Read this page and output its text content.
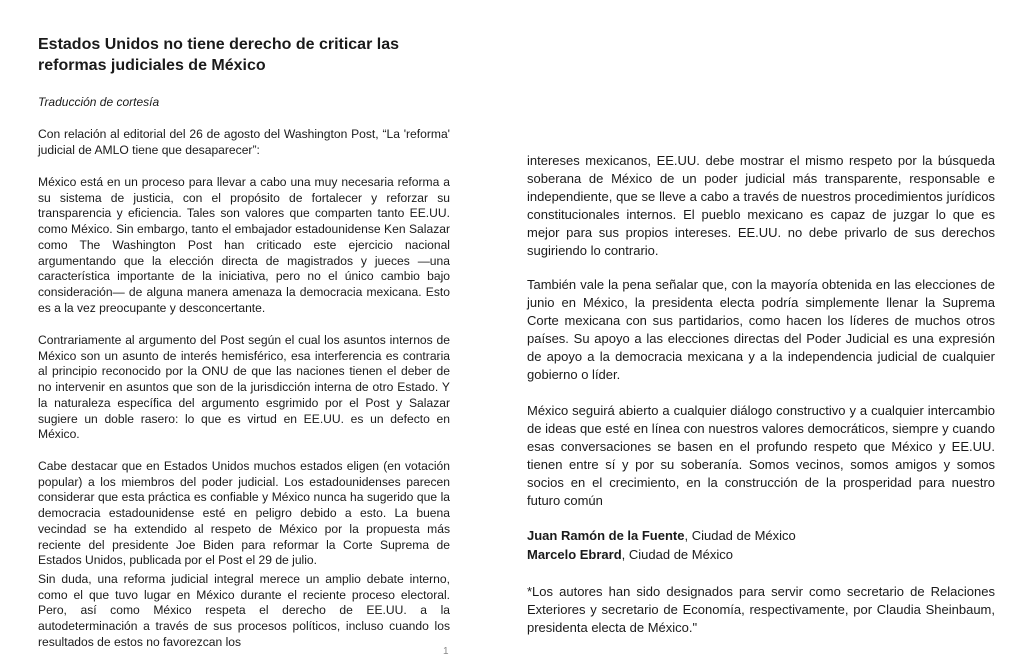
Estados Unidos no tiene derecho de criticar las reformas judiciales de México

Traducción de cortesía

Con relación al editorial del 26 de agosto del Washington Post, “La 'reforma' judicial de AMLO tiene que desaparecer”:

México está en un proceso para llevar a cabo una muy necesaria reforma a su sistema de justicia, con el propósito de fortalecer y reforzar su transparencia y eficiencia. Tales son valores que comparten tanto EE.UU. como México. Sin embargo, tanto el embajador estadounidense Ken Salazar como The Washington Post han criticado este ejercicio nacional argumentando que la elección directa de magistrados y jueces —una característica importante de la iniciativa, pero no el único cambio bajo consideración— de alguna manera amenaza la democracia mexicana. Esto es a la vez preocupante y desconcertante.

Contrariamente al argumento del Post según el cual los asuntos internos de México son un asunto de interés hemisférico, esa interferencia es contraria al principio reconocido por la ONU de que las naciones tienen el deber de no intervenir en asuntos que son de la jurisdicción interna de otro Estado. Y la naturaleza específica del argumento esgrimido por el Post y Salazar sugiere un doble rasero: lo que es virtud en EE.UU. es un defecto en México.

Cabe destacar que en Estados Unidos muchos estados eligen (en votación popular) a los miembros del poder judicial. Los estadounidenses parecen considerar que esta práctica es confiable y México nunca ha sugerido que la democracia estadounidense esté en peligro debido a esto. La buena vecindad se ha extendido al respeto de México por la propuesta más reciente del presidente Joe Biden para reformar la Corte Suprema de Estados Unidos, publicada por el Post el 29 de julio.

Sin duda, una reforma judicial integral merece un amplio debate interno, como el que tuvo lugar en México durante el reciente proceso electoral. Pero, así como México respeta el derecho de EE.UU. a la autodeterminación a través de sus procesos políticos, incluso cuando los resultados de estos no favorezcan los

1

intereses mexicanos, EE.UU. debe mostrar el mismo respeto por la búsqueda soberana de México de un poder judicial más transparente, responsable e independiente, que se lleve a cabo a través de nuestros procedimientos jurídicos constitucionales internos. El pueblo mexicano es capaz de juzgar lo que es mejor para sus propios intereses. EE.UU. no debe privarlo de sus derechos sugiriendo lo contrario.

También vale la pena señalar que, con la mayoría obtenida en las elecciones de junio en México, la presidenta electa podría simplemente llenar la Suprema Corte mexicana con sus partidarios, como hacen los líderes de muchos otros países. Su apoyo a las elecciones directas del Poder Judicial es una expresión de apoyo a la democracia mexicana y a la independencia judicial de cualquier gobierno o líder.

México seguirá abierto a cualquier diálogo constructivo y a cualquier intercambio de ideas que esté en línea con nuestros valores democráticos, siempre y cuando esas conversaciones se basen en el profundo respeto que México y EE.UU. tienen entre sí y por su soberanía. Somos vecinos, somos amigos y somos socios en el crecimiento, en la construcción de la prosperidad para nuestro futuro común

Juan Ramón de la Fuente, Ciudad de México

Marcelo Ebrard, Ciudad de México

*Los autores han sido designados para servir como secretario de Relaciones Exteriores y secretario de Economía, respectivamente, por Claudia Sheinbaum, presidenta electa de México."
